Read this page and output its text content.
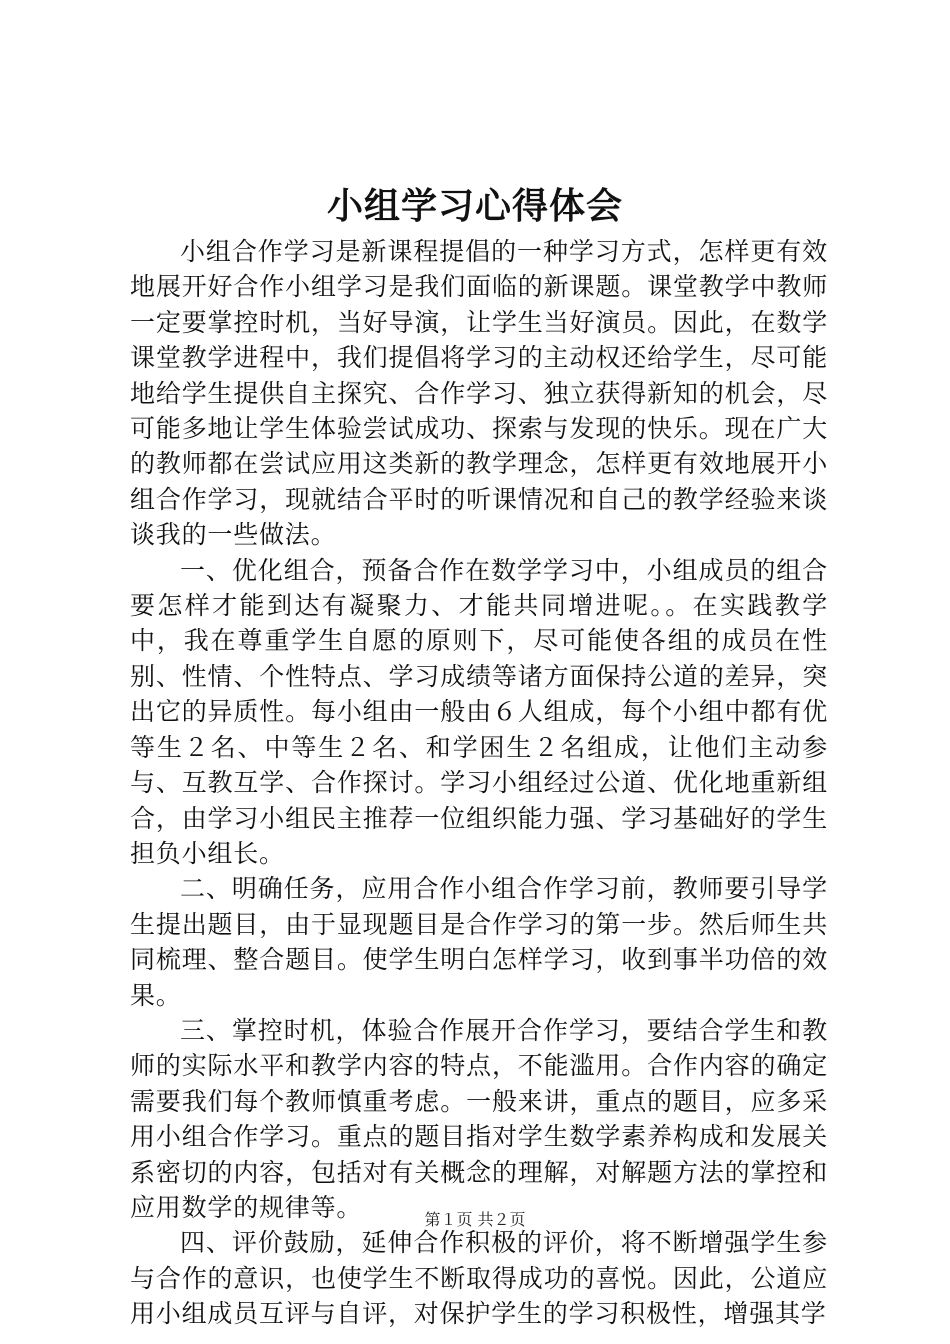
小组学习心得体会

小组合作学习是新课程提倡的一种学习方式，怎样更有效地展开好合作小组学习是我们面临的新课题。课堂教学中教师一定要掌控时机，当好导演，让学生当好演员。因此，在数学课堂教学进程中，我们提倡将学习的主动权还给学生，尽可能地给学生提供自主探究、合作学习、独立获得新知的机会，尽可能多地让学生体验尝试成功、探索与发现的快乐。现在广大的教师都在尝试应用这类新的教学理念，怎样更有效地展开小组合作学习，现就结合平时的听课情况和自己的教学经验来谈谈我的一些做法。

一、优化组合，预备合作在数学学习中，小组成员的组合要怎样才能到达有凝聚力、才能共同增进呢。。在实践教学中，我在尊重学生自愿的原则下，尽可能使各组的成员在性别、性情、个性特点、学习成绩等诸方面保持公道的差异，突出它的异质性。每小组由一般由６人组成，每个小组中都有优等生２名、中等生２名、和学困生２名组成，让他们主动参与、互教互学、合作探讨。学习小组经过公道、优化地重新组合，由学习小组民主推荐一位组织能力强、学习基础好的学生担负小组长。

二、明确任务，应用合作小组合作学习前，教师要引导学生提出题目，由于显现题目是合作学习的第一步。然后师生共同梳理、整合题目。使学生明白怎样学习，收到事半功倍的效果。

三、掌控时机，体验合作展开合作学习，要结合学生和教师的实际水平和教学内容的特点，不能滥用。合作内容的确定需要我们每个教师慎重考虑。一般来讲，重点的题目，应多采用小组合作学习。重点的题目指对学生数学素养构成和发展关系密切的内容，包括对有关概念的理解，对解题方法的掌控和应用数学的规律等。

四、评价鼓励，延伸合作积极的评价，将不断增强学生参与合作的意识，也使学生不断取得成功的喜悦。因此，公道应用小组成员互评与自评，对保护学生的学习积极性，增强其学

第１页 共２页
